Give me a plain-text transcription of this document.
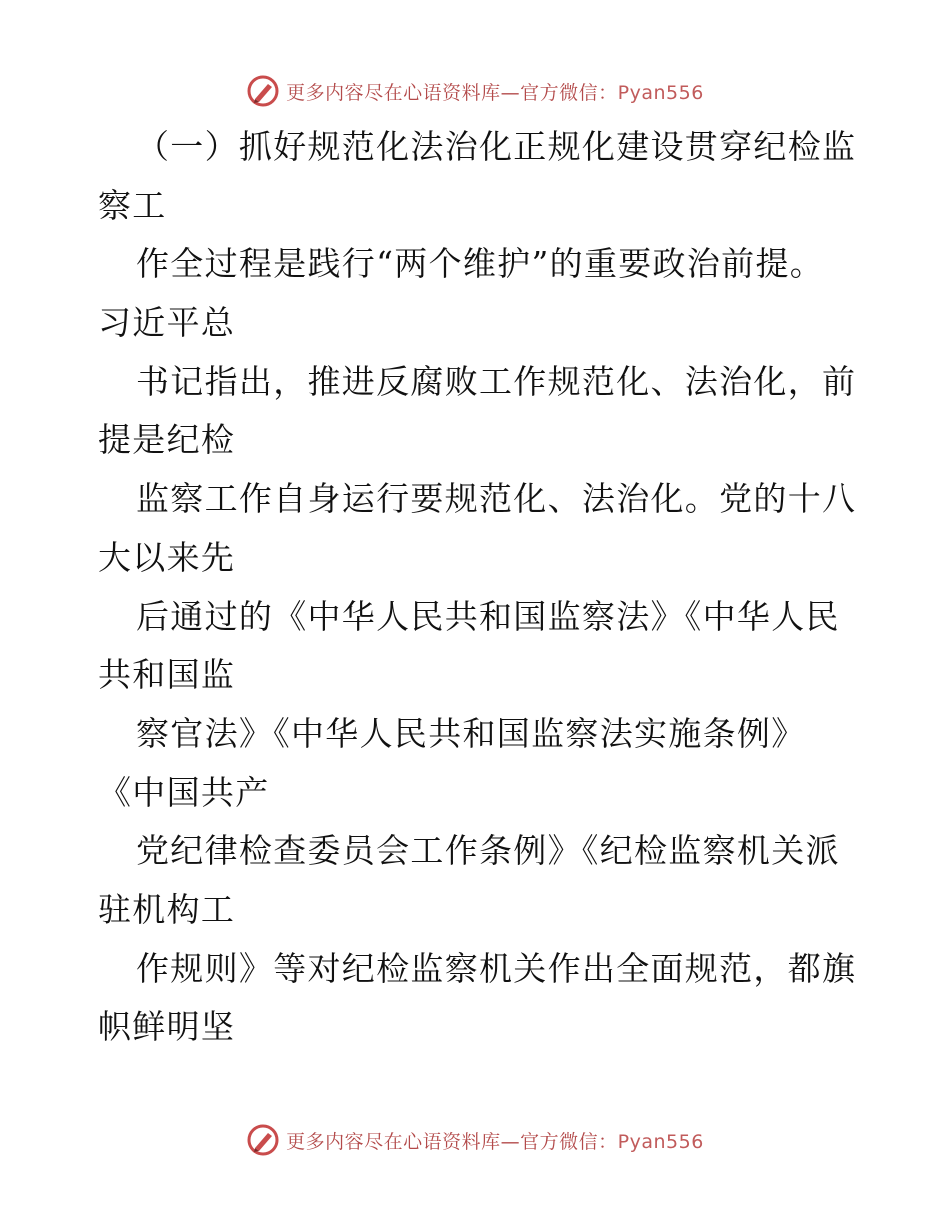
更多内容尽在心语资料库—官方微信：Pyan556
（一）抓好规范化法治化正规化建设贯穿纪检监
察工
作全过程是践行“两个维护”的重要政治前提。
习近平总
书记指出，推进反腐败工作规范化、法治化，前
提是纪检
监察工作自身运行要规范化、法治化。党的十八
大以来先
后通过的《中华人民共和国监察法》《中华人民
共和国监
察官法》《中华人民共和国监察法实施条例》
《中国共产
党纪律检查委员会工作条例》《纪检监察机关派
驻机构工
作规则》等对纪检监察机关作出全面规范，都旗
帜鲜明坚
更多内容尽在心语资料库—官方微信：Pyan556
